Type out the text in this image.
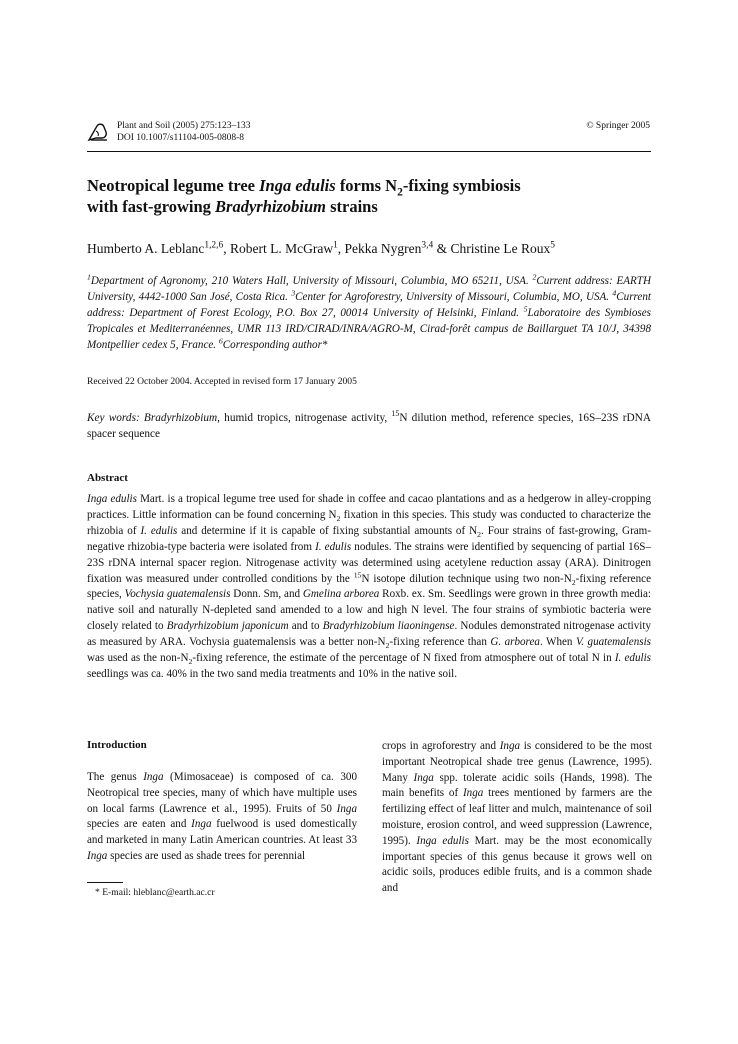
Plant and Soil (2005) 275:123–133
DOI 10.1007/s11104-005-0808-8
© Springer 2005
Neotropical legume tree Inga edulis forms $N_2$-fixing symbiosis
with fast-growing Bradyrhizobium strains
Humberto A. Leblanc$^{1,2,6}$, Robert L. McGraw$^1$, Pekka Nygren$^{3,4}$ & Christine Le Roux$^5$
$^1$Department of Agronomy, 210 Waters Hall, University of Missouri, Columbia, MO 65211, USA. $^2$Current address: EARTH University, 4442-1000 San José, Costa Rica. $^3$Center for Agroforestry, University of Missouri, Columbia, MO, USA. $^4$Current address: Department of Forest Ecology, P.O. Box 27, 00014 University of Helsinki, Finland. $^5$Laboratoire des Symbioses Tropicales et Mediterranéennes, UMR 113 IRD/CIRAD/INRA/AGRO-M, Cirad-forêt campus de Baillarguet TA 10/J, 34398 Montpellier cedex 5, France. $^6$Corresponding author*
Received 22 October 2004. Accepted in revised form 17 January 2005
Key words: Bradyrhizobium, humid tropics, nitrogenase activity, $^{15}$N dilution method, reference species, 16S–23S rDNA spacer sequence
Abstract
Inga edulis Mart. is a tropical legume tree used for shade in coffee and cacao plantations and as a hedgerow in alley-cropping practices. Little information can be found concerning $N_2$ fixation in this species. This study was conducted to characterize the rhizobia of I. edulis and determine if it is capable of fixing substantial amounts of $N_2$. Four strains of fast-growing, Gram-negative rhizobia-type bacteria were isolated from I. edulis nodules. The strains were identified by sequencing of partial 16S–23S rDNA internal spacer region. Nitrogenase activity was determined using acetylene reduction assay (ARA). Dinitrogen fixation was measured under controlled conditions by the $^{15}$N isotope dilution technique using two non-$N_2$-fixing reference species, Vochysia guatemalensis Donn. Sm, and Gmelina arborea Roxb. ex. Sm. Seedlings were grown in three growth media: native soil and naturally N-depleted sand amended to a low and high N level. The four strains of symbiotic bacteria were closely related to Bradyrhizobium japonicum and to Bradyrhizobium liaoningense. Nodules demonstrated nitrogenase activity as measured by ARA. Vochysia guatemalensis was a better non-$N_2$-fixing reference than G. arborea. When V. guatemalensis was used as the non-$N_2$-fixing reference, the estimate of the percentage of N fixed from atmosphere out of total N in I. edulis seedlings was ca. 40% in the two sand media treatments and 10% in the native soil.
Introduction
The genus Inga (Mimosaceae) is composed of ca. 300 Neotropical tree species, many of which have multiple uses on local farms (Lawrence et al., 1995). Fruits of 50 Inga species are eaten and Inga fuelwood is used domestically and marketed in many Latin American countries. At least 33 Inga species are used as shade trees for perennial
crops in agroforestry and Inga is considered to be the most important Neotropical shade tree genus (Lawrence, 1995). Many Inga spp. tolerate acidic soils (Hands, 1998). The main benefits of Inga trees mentioned by farmers are the fertilizing effect of leaf litter and mulch, maintenance of soil moisture, erosion control, and weed suppression (Lawrence, 1995). Inga edulis Mart. may be the most economically important species of this genus because it grows well on acidic soils, produces edible fruits, and is a common shade and
* E-mail: hleblanc@earth.ac.cr
